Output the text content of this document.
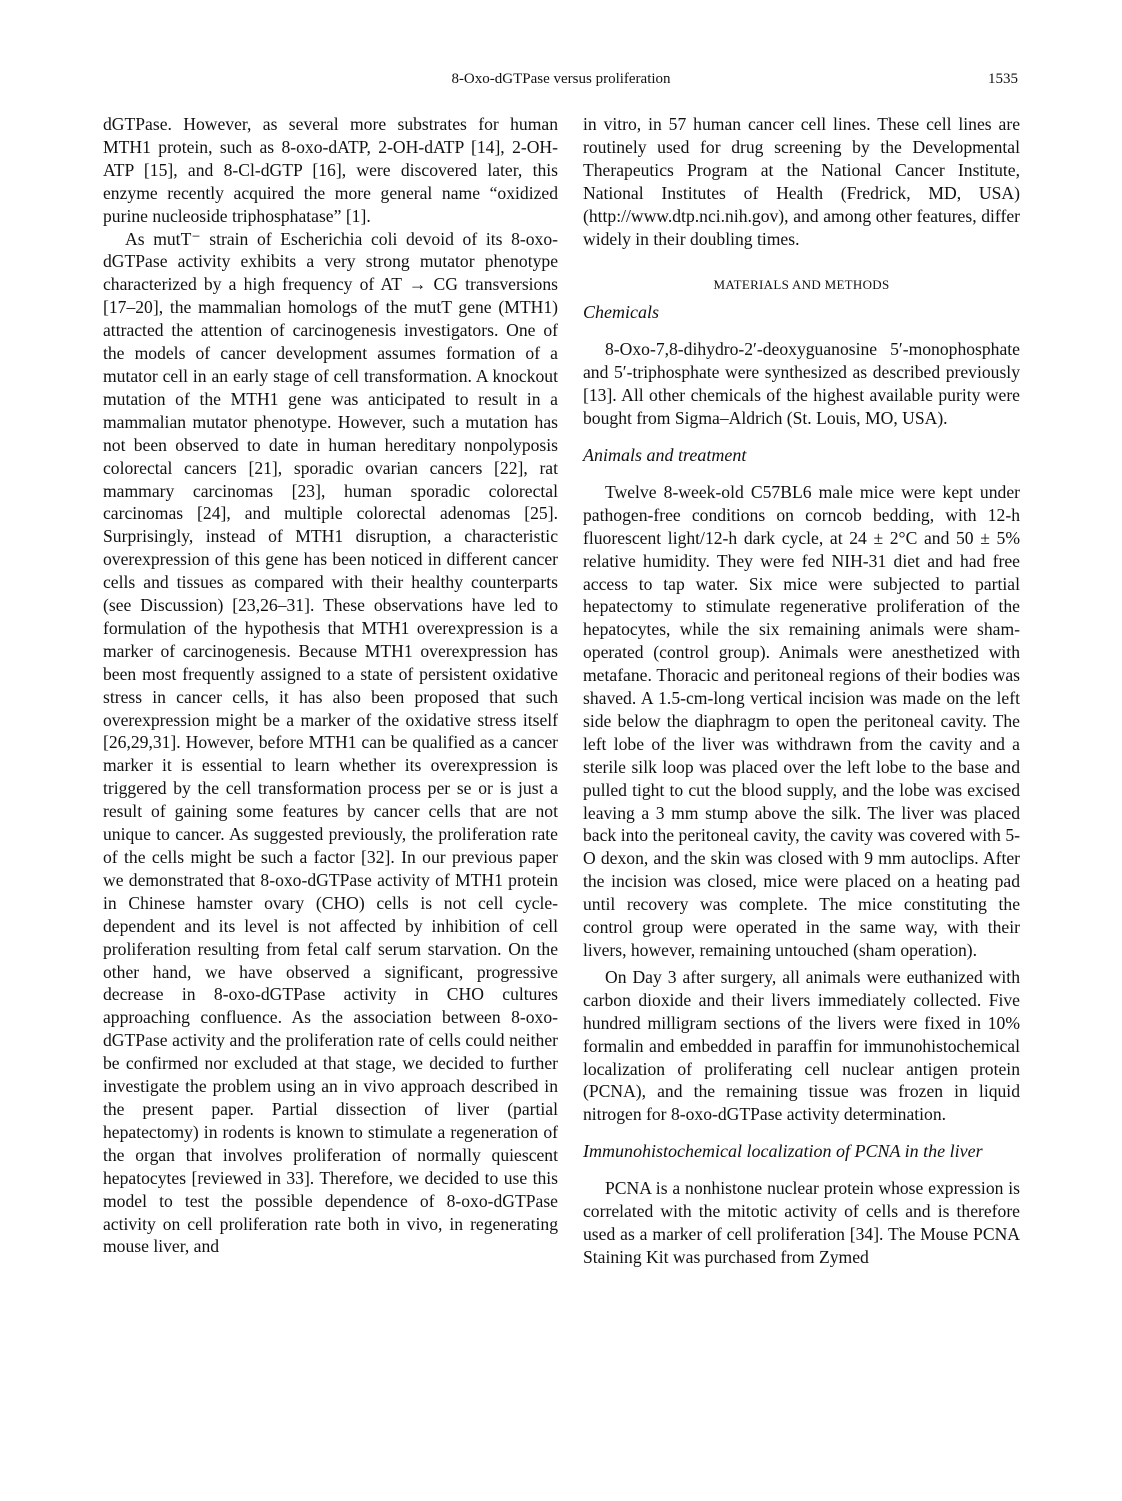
8-Oxo-dGTPase versus proliferation	1535

dGTPase. However, as several more substrates for human MTH1 protein, such as 8-oxo-dATP, 2-OH-dATP [14], 2-OH-ATP [15], and 8-Cl-dGTP [16], were discovered later, this enzyme recently acquired the more general name “oxidized purine nucleoside triphosphatase” [1].

As mutT⁻ strain of Escherichia coli devoid of its 8-oxo-dGTPase activity exhibits a very strong mutator phenotype characterized by a high frequency of AT → CG transversions [17–20], the mammalian homologs of the mutT gene (MTH1) attracted the attention of carcinogenesis investigators. One of the models of cancer development assumes formation of a mutator cell in an early stage of cell transformation. A knockout mutation of the MTH1 gene was anticipated to result in a mammalian mutator phenotype. However, such a mutation has not been observed to date in human hereditary nonpolyposis colorectal cancers [21], sporadic ovarian cancers [22], rat mammary carcinomas [23], human sporadic colorectal carcinomas [24], and multiple colorectal adenomas [25]. Surprisingly, instead of MTH1 disruption, a characteristic overexpression of this gene has been noticed in different cancer cells and tissues as compared with their healthy counterparts (see Discussion) [23,26–31]. These observations have led to formulation of the hypothesis that MTH1 overexpression is a marker of carcinogenesis. Because MTH1 overexpression has been most frequently assigned to a state of persistent oxidative stress in cancer cells, it has also been proposed that such overexpression might be a marker of the oxidative stress itself [26,29,31]. However, before MTH1 can be qualified as a cancer marker it is essential to learn whether its overexpression is triggered by the cell transformation process per se or is just a result of gaining some features by cancer cells that are not unique to cancer. As suggested previously, the proliferation rate of the cells might be such a factor [32]. In our previous paper we demonstrated that 8-oxo-dGTPase activity of MTH1 protein in Chinese hamster ovary (CHO) cells is not cell cycle-dependent and its level is not affected by inhibition of cell proliferation resulting from fetal calf serum starvation. On the other hand, we have observed a significant, progressive decrease in 8-oxo-dGTPase activity in CHO cultures approaching confluence. As the association between 8-oxo-dGTPase activity and the proliferation rate of cells could neither be confirmed nor excluded at that stage, we decided to further investigate the problem using an in vivo approach described in the present paper. Partial dissection of liver (partial hepatectomy) in rodents is known to stimulate a regeneration of the organ that involves proliferation of normally quiescent hepatocytes [reviewed in 33]. Therefore, we decided to use this model to test the possible dependence of 8-oxo-dGTPase activity on cell proliferation rate both in vivo, in regenerating mouse liver, and

in vitro, in 57 human cancer cell lines. These cell lines are routinely used for drug screening by the Developmental Therapeutics Program at the National Cancer Institute, National Institutes of Health (Fredrick, MD, USA) (http://www.dtp.nci.nih.gov), and among other features, differ widely in their doubling times.

MATERIALS AND METHODS
Chemicals

8-Oxo-7,8-dihydro-2′-deoxyguanosine 5′-monophosphate and 5′-triphosphate were synthesized as described previously [13]. All other chemicals of the highest available purity were bought from Sigma–Aldrich (St. Louis, MO, USA).

Animals and treatment

Twelve 8-week-old C57BL6 male mice were kept under pathogen-free conditions on corncob bedding, with 12-h fluorescent light/12-h dark cycle, at 24 ± 2°C and 50 ± 5% relative humidity. They were fed NIH-31 diet and had free access to tap water. Six mice were subjected to partial hepatectomy to stimulate regenerative proliferation of the hepatocytes, while the six remaining animals were sham-operated (control group). Animals were anesthetized with metafane. Thoracic and peritoneal regions of their bodies was shaved. A 1.5-cm-long vertical incision was made on the left side below the diaphragm to open the peritoneal cavity. The left lobe of the liver was withdrawn from the cavity and a sterile silk loop was placed over the left lobe to the base and pulled tight to cut the blood supply, and the lobe was excised leaving a 3 mm stump above the silk. The liver was placed back into the peritoneal cavity, the cavity was covered with 5-O dexon, and the skin was closed with 9 mm autoclips. After the incision was closed, mice were placed on a heating pad until recovery was complete. The mice constituting the control group were operated in the same way, with their livers, however, remaining untouched (sham operation).

On Day 3 after surgery, all animals were euthanized with carbon dioxide and their livers immediately collected. Five hundred milligram sections of the livers were fixed in 10% formalin and embedded in paraffin for immunohistochemical localization of proliferating cell nuclear antigen protein (PCNA), and the remaining tissue was frozen in liquid nitrogen for 8-oxo-dGTPase activity determination.

Immunohistochemical localization of PCNA in the liver

PCNA is a nonhistone nuclear protein whose expression is correlated with the mitotic activity of cells and is therefore used as a marker of cell proliferation [34]. The Mouse PCNA Staining Kit was purchased from Zymed
